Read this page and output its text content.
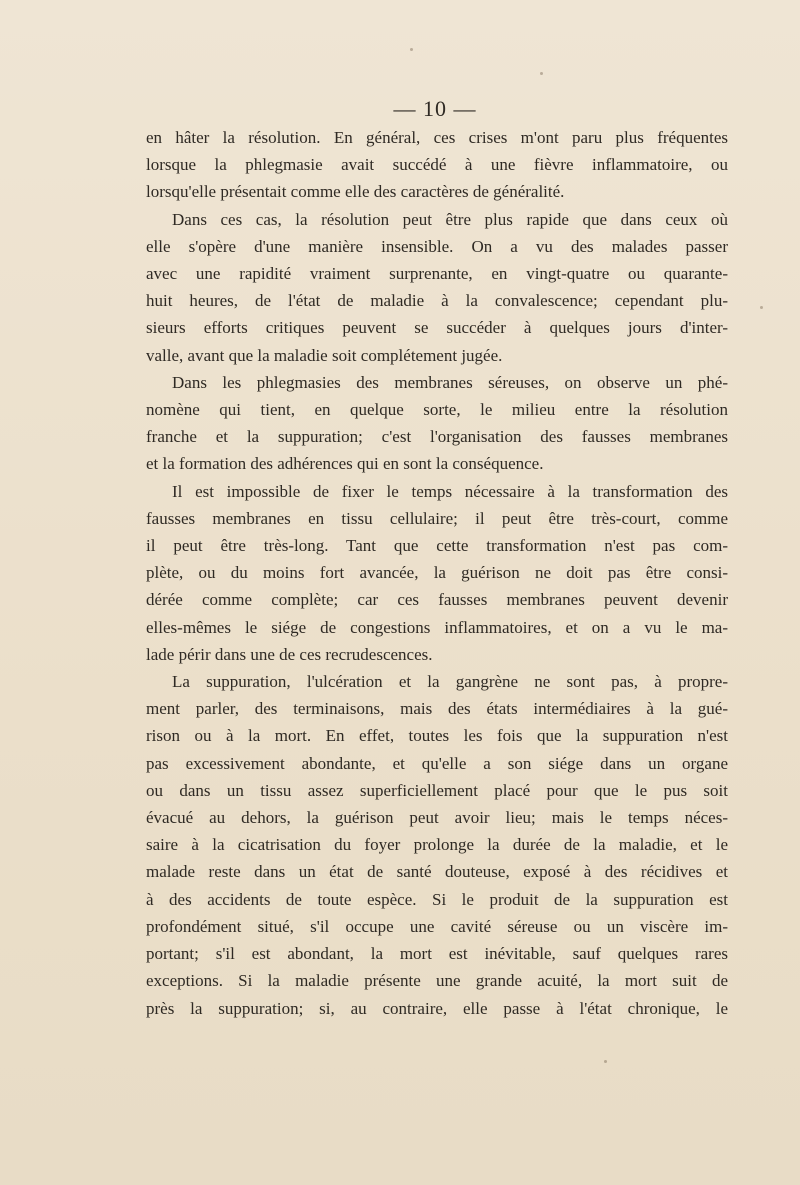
— 10 —
en hâter la résolution. En général, ces crises m'ont paru plus fréquentes
lorsque la phlegmasie avait succédé à une fièvre inflammatoire, ou
lorsqu'elle présentait comme elle des caractères de généralité.
Dans ces cas, la résolution peut être plus rapide que dans ceux où
elle s'opère d'une manière insensible. On a vu des malades passer
avec une rapidité vraiment surprenante, en vingt-quatre ou quarante-
huit heures, de l'état de maladie à la convalescence; cependant plu-
sieurs efforts critiques peuvent se succéder à quelques jours d'inter-
valle, avant que la maladie soit complétement jugée.
Dans les phlegmasies des membranes séreuses, on observe un phé-
nomène qui tient, en quelque sorte, le milieu entre la résolution
franche et la suppuration; c'est l'organisation des fausses membranes
et la formation des adhérences qui en sont la conséquence.
Il est impossible de fixer le temps nécessaire à la transformation des
fausses membranes en tissu cellulaire; il peut être très-court, comme
il peut être très-long. Tant que cette transformation n'est pas com-
plète, ou du moins fort avancée, la guérison ne doit pas être consi-
dérée comme complète; car ces fausses membranes peuvent devenir
elles-mêmes le siége de congestions inflammatoires, et on a vu le ma-
lade périr dans une de ces recrudescences.
La suppuration, l'ulcération et la gangrène ne sont pas, à propre-
ment parler, des terminaisons, mais des états intermédiaires à la gué-
rison ou à la mort. En effet, toutes les fois que la suppuration n'est
pas excessivement abondante, et qu'elle a son siége dans un organe
ou dans un tissu assez superficiellement placé pour que le pus soit
évacué au dehors, la guérison peut avoir lieu; mais le temps néces-
saire à la cicatrisation du foyer prolonge la durée de la maladie, et le
malade reste dans un état de santé douteuse, exposé à des récidives et
à des accidents de toute espèce. Si le produit de la suppuration est
profondément situé, s'il occupe une cavité séreuse ou un viscère im-
portant; s'il est abondant, la mort est inévitable, sauf quelques rares
exceptions. Si la maladie présente une grande acuité, la mort suit de
près la suppuration; si, au contraire, elle passe à l'état chronique, le
